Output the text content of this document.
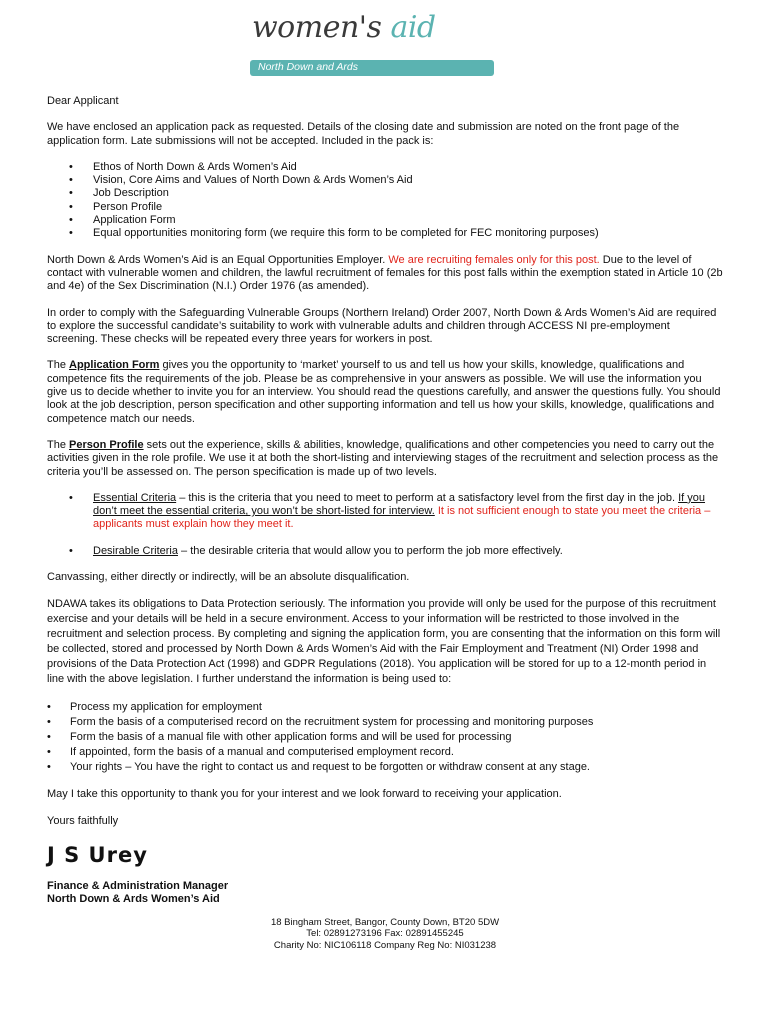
women's aid
North Down and Ards

Dear Applicant

We have enclosed an application pack as requested. Details of the closing date and submission are noted on the front page of the application form. Late submissions will not be accepted. Included in the pack is:

• Ethos of North Down & Ards Women’s Aid
• Vision, Core Aims and Values of North Down & Ards Women’s Aid
• Job Description
• Person Profile
• Application Form
• Equal opportunities monitoring form (we require this form to be completed for FEC monitoring purposes)

North Down & Ards Women’s Aid is an Equal Opportunities Employer. We are recruiting females only for this post. Due to the level of contact with vulnerable women and children, the lawful recruitment of females for this post falls within the exemption stated in Article 10 (2b and 4e) of the Sex Discrimination (N.I.) Order 1976 (as amended).

In order to comply with the Safeguarding Vulnerable Groups (Northern Ireland) Order 2007, North Down & Ards Women’s Aid are required to explore the successful candidate’s suitability to work with vulnerable adults and children through ACCESS NI pre-employment screening. These checks will be repeated every three years for workers in post.

The Application Form gives you the opportunity to ‘market’ yourself to us and tell us how your skills, knowledge, qualifications and competence fits the requirements of the job. Please be as comprehensive in your answers as possible. We will use the information you give us to decide whether to invite you for an interview. You should read the questions carefully, and answer the questions fully. You should look at the job description, person specification and other supporting information and tell us how your skills, knowledge, qualifications and competence match our needs.

The Person Profile sets out the experience, skills & abilities, knowledge, qualifications and other competencies you need to carry out the activities given in the role profile. We use it at both the short-listing and interviewing stages of the recruitment and selection process as the criteria you’ll be assessed on. The person specification is made up of two levels.

• Essential Criteria – this is the criteria that you need to meet to perform at a satisfactory level from the first day in the job. If you don’t meet the essential criteria, you won’t be short-listed for interview. It is not sufficient enough to state you meet the criteria – applicants must explain how they meet it.
• Desirable Criteria – the desirable criteria that would allow you to perform the job more effectively.

Canvassing, either directly or indirectly, will be an absolute disqualification.

NDAWA takes its obligations to Data Protection seriously. The information you provide will only be used for the purpose of this recruitment exercise and your details will be held in a secure environment. Access to your information will be restricted to those involved in the recruitment and selection process. By completing and signing the application form, you are consenting that the information on this form will be collected, stored and processed by North Down & Ards Women’s Aid with the Fair Employment and Treatment (NI) Order 1998 and provisions of the Data Protection Act (1998) and GDPR Regulations (2018). You application will be stored for up to a 12-month period in line with the above legislation. I further understand the information is being used to:

• Process my application for employment
• Form the basis of a computerised record on the recruitment system for processing and monitoring purposes
• Form the basis of a manual file with other application forms and will be used for processing
• If appointed, form the basis of a manual and computerised employment record.
• Your rights – You have the right to contact us and request to be forgotten or withdraw consent at any stage.

May I take this opportunity to thank you for your interest and we look forward to receiving your application.

Yours faithfully

J S Urey

Finance & Administration Manager

North Down & Ards Women’s Aid

18 Bingham Street, Bangor, County Down, BT20 5DW
Tel: 02891273196 Fax: 02891455245
Charity No: NIC106118 Company Reg No: NI031238
